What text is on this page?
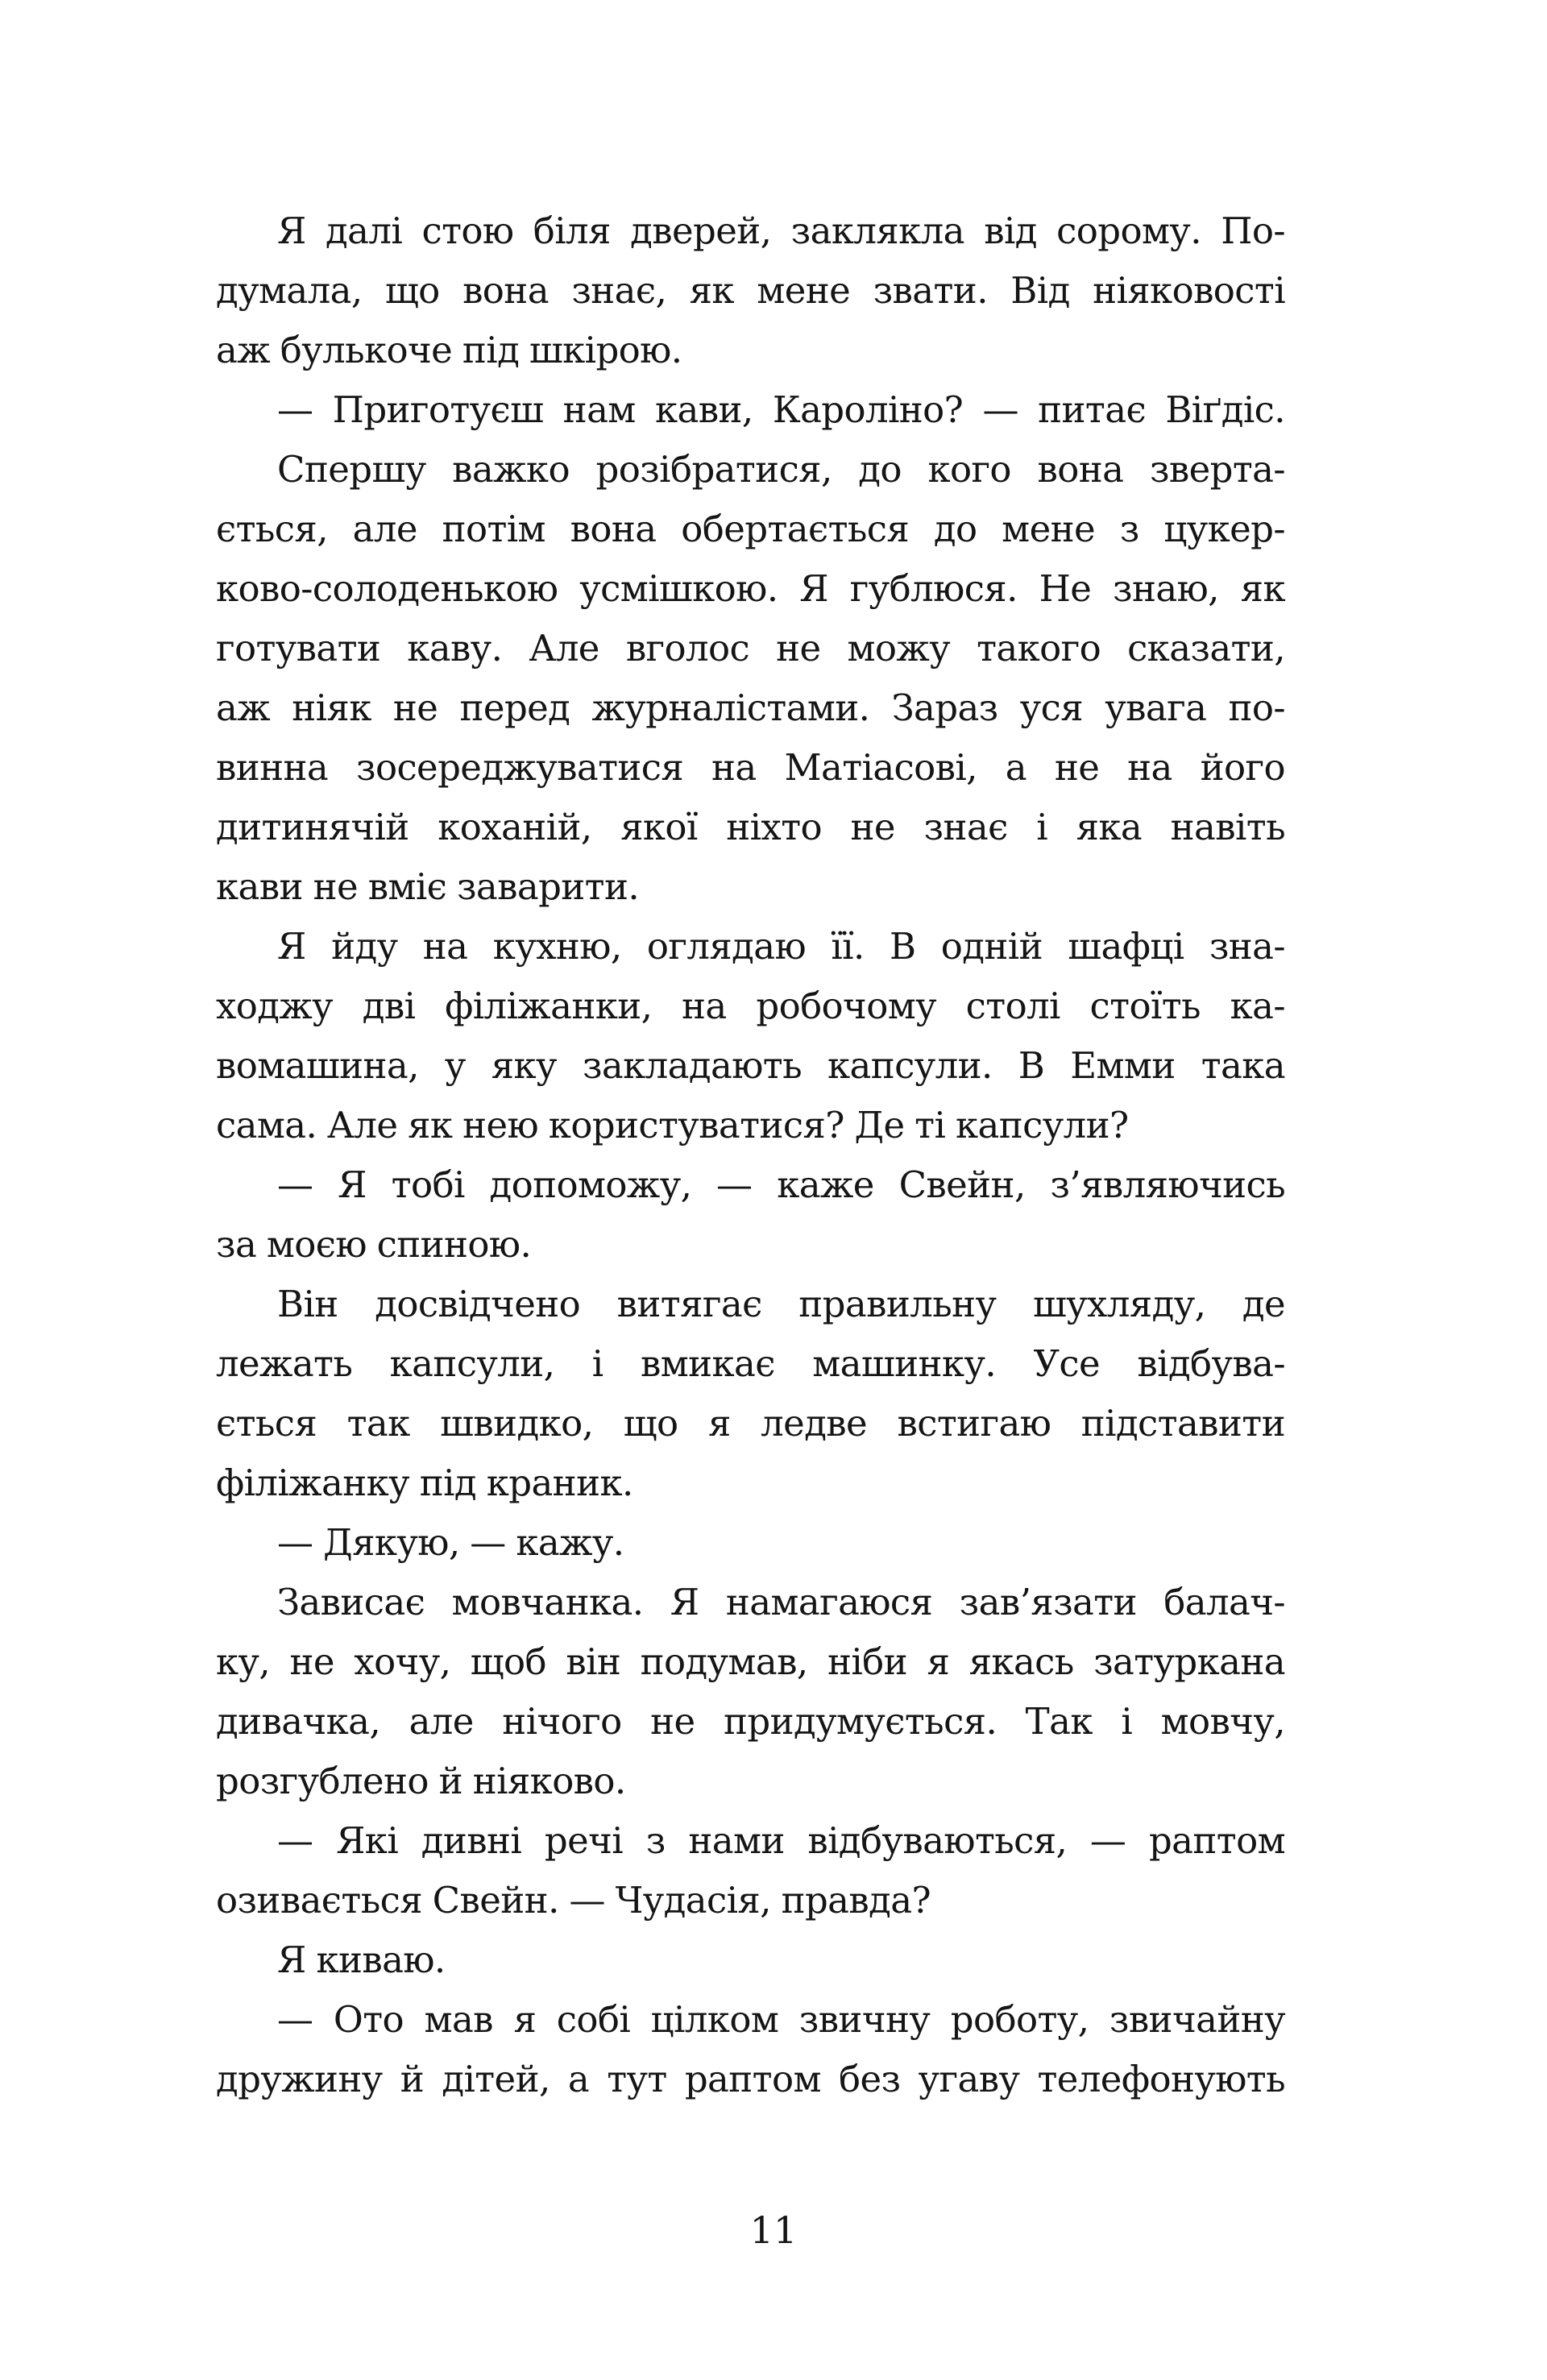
Я далі стою біля дверей, заклякла від сорому. По-
думала, що вона знає, як мене звати. Від ніяковості
аж булькоче під шкірою.
— Приготуєш нам кави, Кароліно? — питає Віґдіс.
Спершу важко розібратися, до кого вона зверта-
ється, але потім вона обертається до мене з цукер-
ково-солоденькою усмішкою. Я гублюся. Не знаю, як
готувати каву. Але вголос не можу такого сказати,
аж ніяк не перед журналістами. Зараз уся увага по-
винна зосереджуватися на Матіасові, а не на його
дитинячій коханій, якої ніхто не знає і яка навіть
кави не вміє заварити.
Я йду на кухню, оглядаю її. В одній шафці зна-
ходжу дві філіжанки, на робочому столі стоїть ка-
вомашина, у яку закладають капсули. В Емми така
сама. Але як нею користуватися? Де ті капсули?
— Я тобі допоможу, — каже Свейн, з’являючись
за моєю спиною.
Він досвідчено витягає правильну шухляду, де
лежать капсули, і вмикає машинку. Усе відбува-
ється так швидко, що я ледве встигаю підставити
філіжанку під краник.
— Дякую, — кажу.
Зависає мовчанка. Я намагаюся зав’язати балач-
ку, не хочу, щоб він подумав, ніби я якась затуркана
дивачка, але нічого не придумується. Так і мовчу,
розгублено й ніяково.
— Які дивні речі з нами відбуваються, — раптом
озивається Свейн. — Чудасія, правда?
Я киваю.
— Ото мав я собі цілком звичну роботу, звичайну
дружину й дітей, а тут раптом без угаву телефонують
11
